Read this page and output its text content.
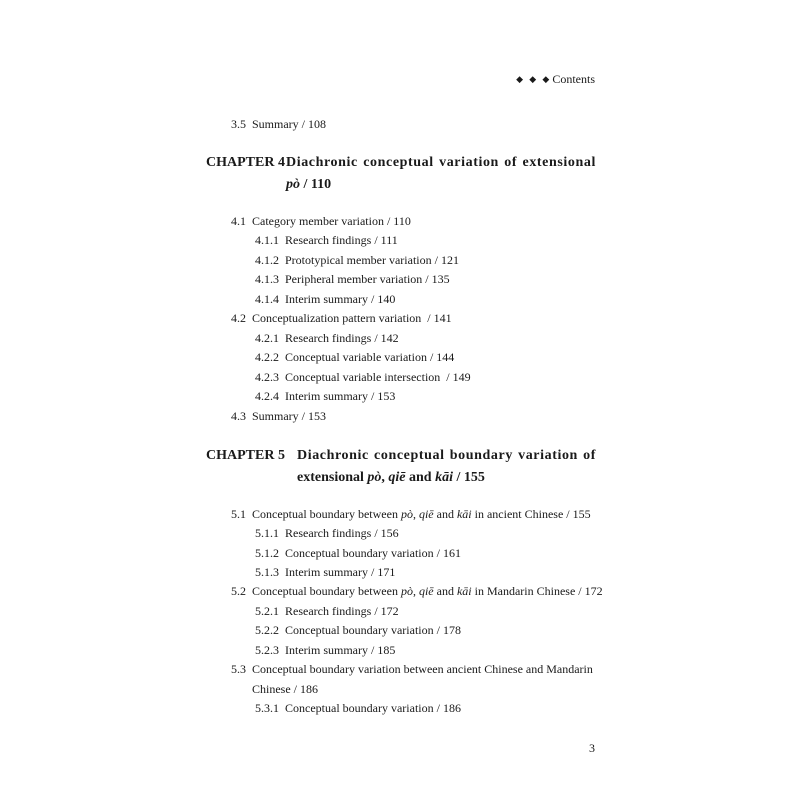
◆ ◆ ◆ Contents
3.5 Summary / 108
CHAPTER 4 Diachronic conceptual variation of extensional
pò / 110
4.1 Category member variation / 110
4.1.1 Research findings / 111
4.1.2 Prototypical member variation / 121
4.1.3 Peripheral member variation / 135
4.1.4 Interim summary / 140
4.2 Conceptualization pattern variation  / 141
4.2.1 Research findings / 142
4.2.2 Conceptual variable variation / 144
4.2.3 Conceptual variable intersection  / 149
4.2.4 Interim summary / 153
4.3 Summary / 153
CHAPTER 5 Diachronic conceptual boundary variation of
extensional pò, qiē and kāi / 155
5.1 Conceptual boundary between pò, qiē and kāi in ancient Chinese / 155
5.1.1 Research findings / 156
5.1.2 Conceptual boundary variation / 161
5.1.3 Interim summary / 171
5.2 Conceptual boundary between pò, qiē and kāi in Mandarin Chinese / 172
5.2.1 Research findings / 172
5.2.2 Conceptual boundary variation / 178
5.2.3 Interim summary / 185
5.3 Conceptual boundary variation between ancient Chinese and Mandarin
Chinese / 186
5.3.1 Conceptual boundary variation / 186
3
